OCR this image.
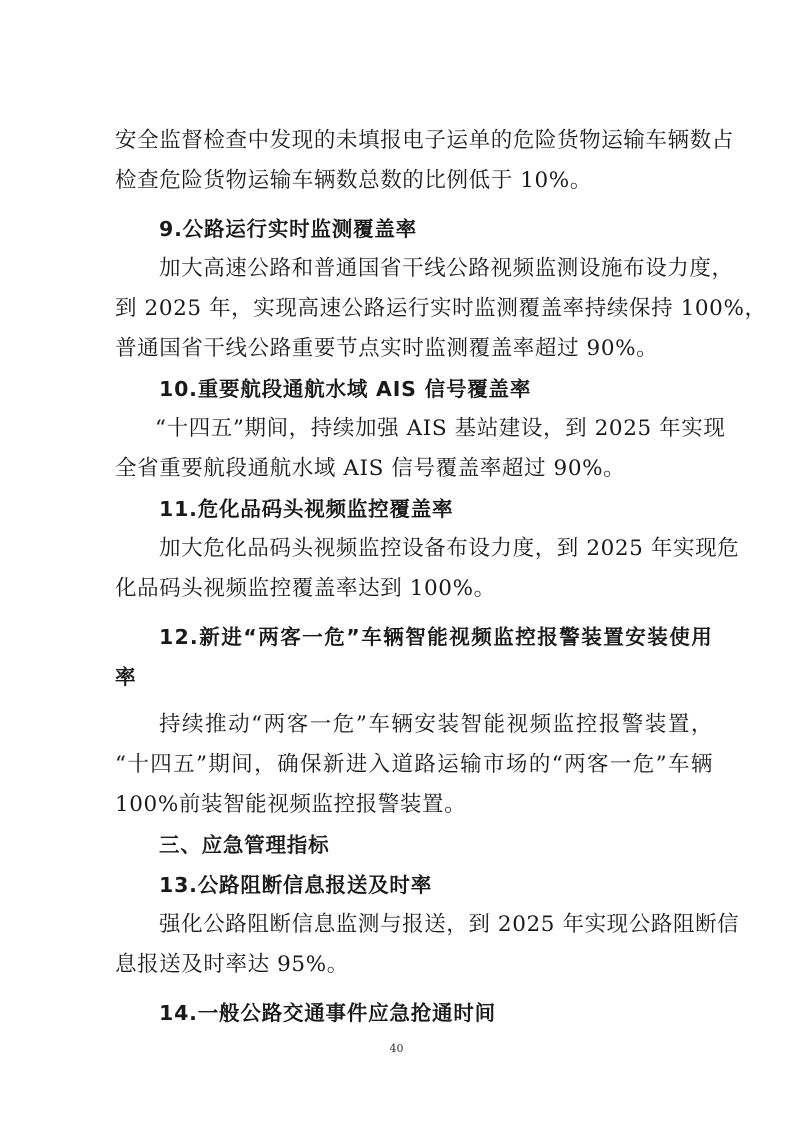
安全监督检查中发现的未填报电子运单的危险货物运输车辆数占
检查危险货物运输车辆数总数的比例低于 10%。
9.公路运行实时监测覆盖率
加大高速公路和普通国省干线公路视频监测设施布设力度，
到 2025 年，实现高速公路运行实时监测覆盖率持续保持 100%，
普通国省干线公路重要节点实时监测覆盖率超过 90%。
10.重要航段通航水域 AIS 信号覆盖率
“十四五”期间，持续加强 AIS 基站建设，到 2025 年实现
全省重要航段通航水域 AIS 信号覆盖率超过 90%。
11.危化品码头视频监控覆盖率
加大危化品码头视频监控设备布设力度，到 2025 年实现危
化品码头视频监控覆盖率达到 100%。
12.新进“两客一危”车辆智能视频监控报警装置安装使用
率
持续推动“两客一危”车辆安装智能视频监控报警装置，
“十四五”期间，确保新进入道路运输市场的“两客一危”车辆
100%前装智能视频监控报警装置。
三、应急管理指标
13.公路阻断信息报送及时率
强化公路阻断信息监测与报送，到 2025 年实现公路阻断信
息报送及时率达 95%。
14.一般公路交通事件应急抢通时间
40
